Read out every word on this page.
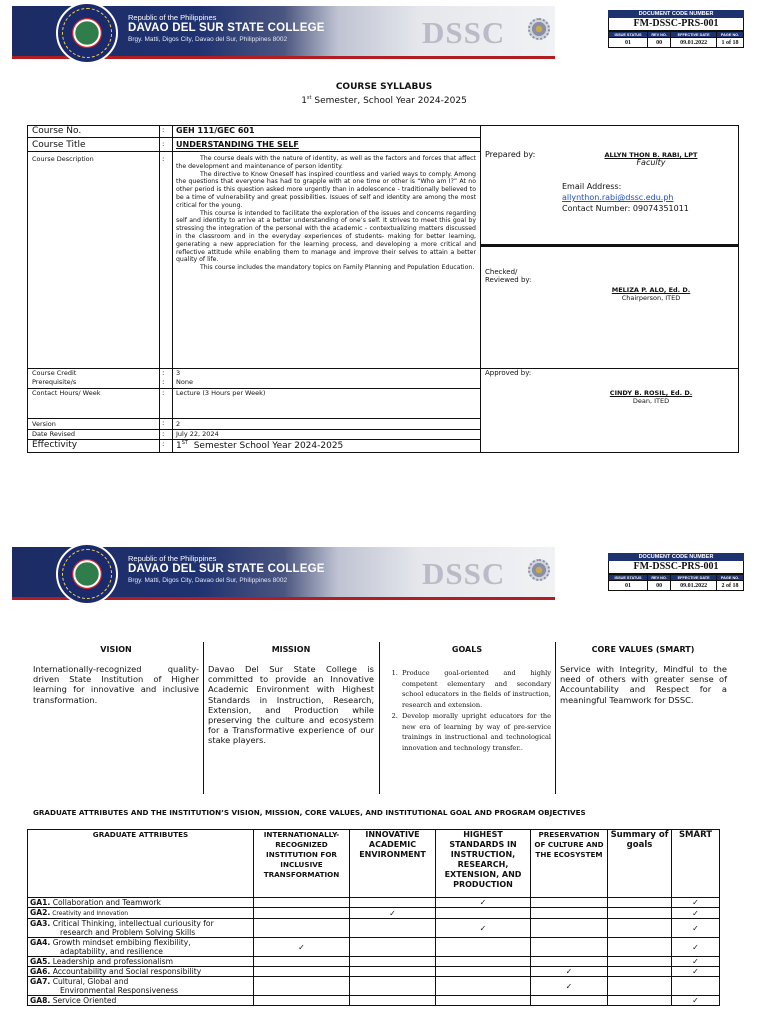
Republic of the Philippines
DAVAO DEL SUR STATE COLLEGE
Brgy. Matti, Digos City, Davao del Sur, Philippines 8002	DSSC
DOCUMENT CODE NUMBER
FM-DSSC-PRS-001
ISSUE STATUS	REV NO.	EFFECTIVE DATE	PAGE NO.
01	00	09.01.2022	1 of 18
COURSE SYLLABUS
1st Semester, School Year 2024-2025
Course No.	: GEH 111/GEC 601
Course Title	: UNDERSTANDING THE SELF
Course Description	:	The course deals with the nature of identity, as well as the factors and forces that affect the development and maintenance of person identity.

The directive to Know Oneself has inspired countless and varied ways to comply. Among the questions that everyone has had to grapple with at one time or other is “Who am I?” At no other period is this question asked more urgently than in adolescence - traditionally believed to be a time of vulnerability and great possibilities. Issues of self and identity are among the most critical for the young.

This course is intended to facilitate the exploration of the issues and concerns regarding self and identity to arrive at a better understanding of one’s self. It strives to meet this goal by stressing the integration of the personal with the academic - contextualizing matters discussed in the classroom and in the everyday experiences of students- making for better learning, generating a new appreciation for the learning process, and developing a more critical and reflective attitude while enabling them to manage and improve their selves to attain a better quality of life.

This course includes the mandatory topics on Family Planning and Population Education.

Course Credit	: 3
Prerequisite/s	: None
Contact Hours/ Week	: Lecture (3 Hours per Week)
Version	: 2
Date Revised	: July 22, 2024
Effectivity	: 1ST  Semester School Year 2024-2025
Prepared by:	ALLYN THON B. RABI, LPT
Faculty
Email Address:
allynthon.rabi@dssc.edu.ph
Contact Number: 09074351011
Checked/
Reviewed by:
MELIZA P. ALO, Ed. D.
Chairperson, ITED
Approved by:
CINDY B. ROSIL, Ed. D.
Dean, ITED
Republic of the Philippines
DAVAO DEL SUR STATE COLLEGE
Brgy. Matti, Digos City, Davao del Sur, Philippines 8002	DSSC	DOCUMENT CODE NUMBER
FM-DSSC-PRS-001
ISSUE STATUS	REV NO.	EFFECTIVE DATE	PAGE NO.
01	00	09.01.2022	2 of 18
VISION	MISSION	GOALS	CORE VALUES (SMART)
Internationally-recognized quality-driven State Institution of Higher learning for innovative and inclusive transformation.
Davao Del Sur State College is committed to provide an Innovative Academic Environment with Highest Standards in Instruction, Research, Extension, and Production while preserving the culture and ecosystem for a Transformative experience of our stake players.
1. Produce goal-oriented and highly competent elementary and secondary school educators in the fields of instruction, research and extension.
2. Develop morally upright educators for the new era of learning by way of pre-service trainings in instructional and technological innovation and technology transfer..
Service with Integrity, Mindful to the need of others with greater sense of Accountability and Respect for a meaningful Teamwork for DSSC.
GRADUATE ATTRIBUTES AND THE INSTITUTION’S VISION, MISSION, CORE VALUES, AND INSTITUTIONAL GOAL AND PROGRAM OBJECTIVES
GRADUATE ATTRIBUTES	INTERNATIONALLY-RECOGNIZED INSTITUTION FOR INCLUSIVE TRANSFORMATION	INNOVATIVE ACADEMIC ENVIRONMENT	HIGHEST STANDARDS IN INSTRUCTION, RESEARCH, EXTENSION, AND PRODUCTION	PRESERVATION OF CULTURE AND THE ECOSYSTEM	Summary of goals	SMART
GA1. Collaboration and Teamwork			✓			✓
GA2. Creativity and Innovation		✓				✓
GA3. Critical Thinking, intellectual curiousity for
research and Problem Solving Skills			✓			✓
GA4. Growth mindset embibing flexibility,
adaptability, and resilience	✓					✓
GA5. Leadership and professionalism						✓
GA6. Accountability and Social responsibility				✓		✓
GA7. Cultural, Global and
Environmental Responsiveness				✓		
GA8. Service Oriented						✓
